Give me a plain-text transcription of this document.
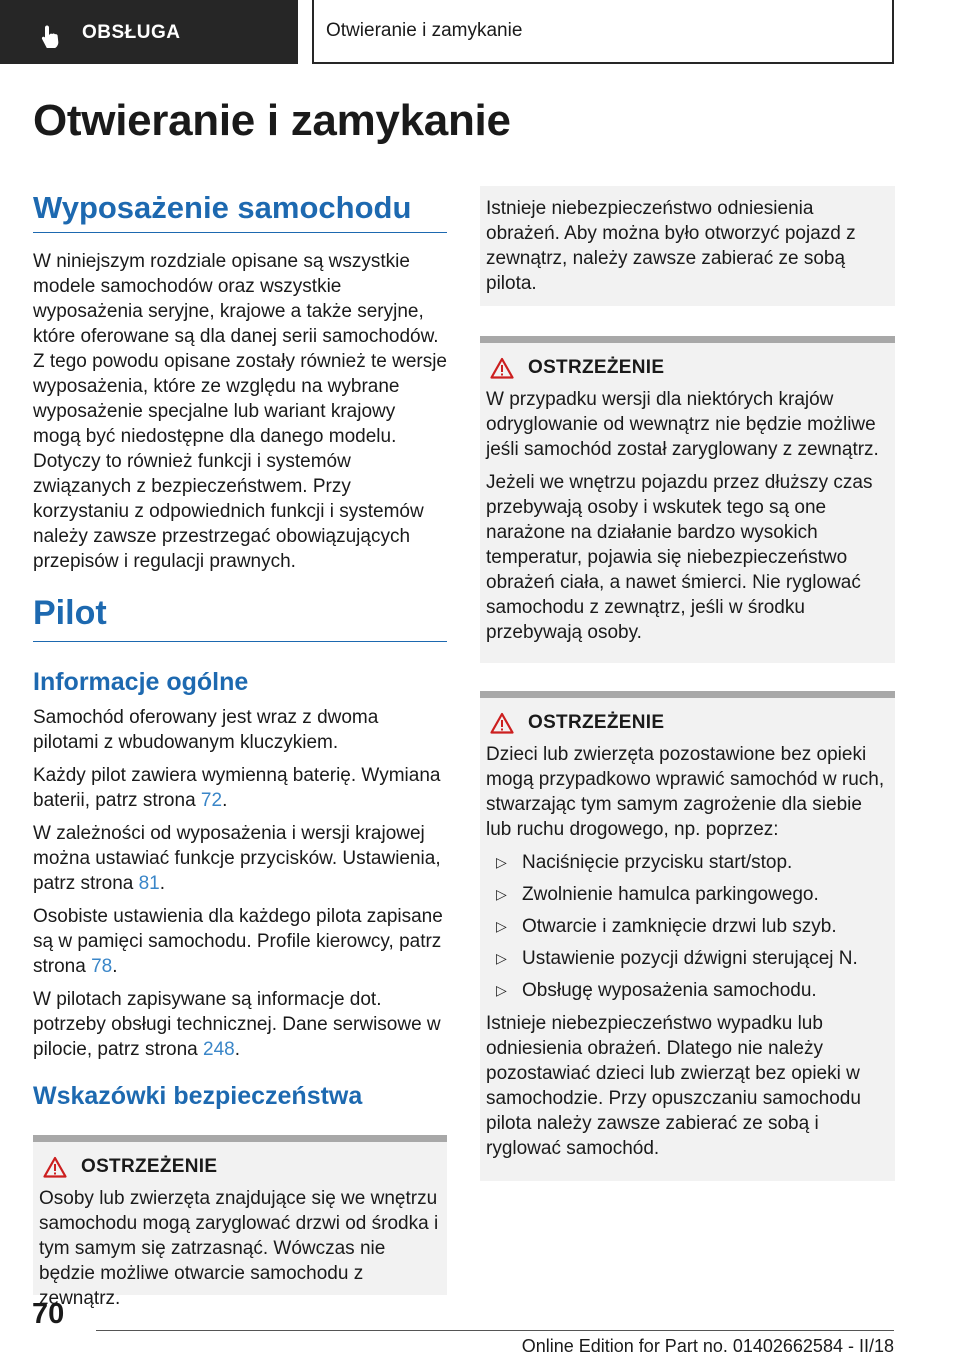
OBSŁUGA	Otwieranie i zamykanie
Otwieranie i zamykanie
Wyposażenie samochodu

W niniejszym rozdziale opisane są wszystkie modele samochodów oraz wszystkie wyposażenia seryjne, krajowe a także seryjne, które oferowane są dla danej serii samochodów. Z tego powodu opisane zostały również te wersje wyposażenia, które ze względu na wybrane wyposażenie specjalne lub wariant krajowy mogą być niedostępne dla danego modelu. Dotyczy to również funkcji i systemów związanych z bezpieczeństwem. Przy korzystaniu z odpowiednich funkcji i systemów należy zawsze przestrzegać obowiązujących przepisów i regulacji prawnych.

Pilot
Informacje ogólne

Samochód oferowany jest wraz z dwoma pilotami z wbudowanym kluczykiem.

Każdy pilot zawiera wymienną baterię. Wymiana baterii, patrz strona 72.

W zależności od wyposażenia i wersji krajowej można ustawiać funkcje przycisków. Ustawienia, patrz strona 81.

Osobiste ustawienia dla każdego pilota zapisane są w pamięci samochodu. Profile kierowcy, patrz strona 78.

W pilotach zapisywane są informacje dot. potrzeby obsługi technicznej. Dane serwisowe w pilocie, patrz strona 248.

Wskazówki bezpieczeństwa
OSTRZEŻENIE

Osoby lub zwierzęta znajdujące się we wnętrzu samochodu mogą zaryglować drzwi od środka i tym samym się zatrzasnąć. Wówczas nie będzie możliwe otwarcie samochodu z zewnątrz.

Istnieje niebezpieczeństwo odniesienia obrażeń. Aby można było otworzyć pojazd z zewnątrz, należy zawsze zabierać ze sobą pilota.

OSTRZEŻENIE

W przypadku wersji dla niektórych krajów odryglowanie od wewnątrz nie będzie możliwe jeśli samochód został zaryglowany z zewnątrz.

Jeżeli we wnętrzu pojazdu przez dłuższy czas przebywają osoby i wskutek tego są one narażone na działanie bardzo wysokich temperatur, pojawia się niebezpieczeństwo obrażeń ciała, a nawet śmierci. Nie ryglować samochodu z zewnątrz, jeśli w środku przebywają osoby.

OSTRZEŻENIE

Dzieci lub zwierzęta pozostawione bez opieki mogą przypadkowo wprawić samochód w ruch, stwarzając tym samym zagrożenie dla siebie lub ruchu drogowego, np. poprzez:

▷ Naciśnięcie przycisku start/stop.
▷ Zwolnienie hamulca parkingowego.
▷ Otwarcie i zamknięcie drzwi lub szyb.
▷ Ustawienie pozycji dźwigni sterującej N.
▷ Obsługę wyposażenia samochodu.

Istnieje niebezpieczeństwo wypadku lub odniesienia obrażeń. Dlatego nie należy pozostawiać dzieci lub zwierząt bez opieki w samochodzie. Przy opuszczaniu samochodu pilota należy zawsze zabierać ze sobą i ryglować samochód.

70
Online Edition for Part no. 01402662584 - II/18
